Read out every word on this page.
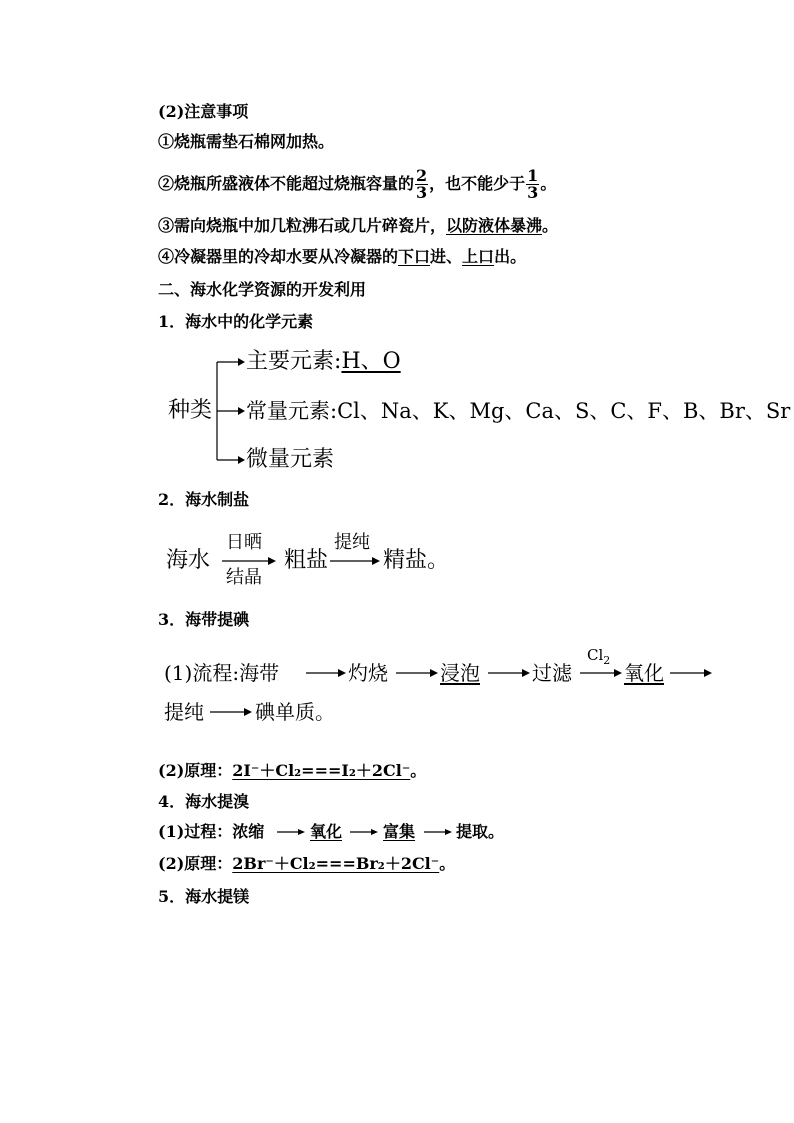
(2)注意事项
①烧瓶需垫石棉网加热。
②烧瓶所盛液体不能超过烧瓶容量的 $\frac{2}{3}$ ，也不能少于 $\frac{1}{3}$ 。
③需向烧瓶中加几粒沸石或几片碎瓷片，以防液体暴沸。
④冷凝器里的冷却水要从冷凝器的下口进、上口出。
二、海水化学资源的开发利用
1．海水中的化学元素
种类
主要元素:H、O
常量元素:Cl、Na、K、Mg、Ca、S、C、F、B、Br、Sr
微量元素
2．海水制盐
海水
日晒
结晶
粗盐
提纯
精盐。
3．海带提碘
(1)流程:海带	灼烧	浸泡	过滤
$Cl_2$
氧化
提纯	碘单质。
(2)原理：2I⁻＋Cl₂===I₂＋2Cl⁻。
4．海水提溴
(1)过程：浓缩	氧化	富集	提取。
(2)原理：2Br⁻＋Cl₂===Br₂＋2Cl⁻。
5．海水提镁
